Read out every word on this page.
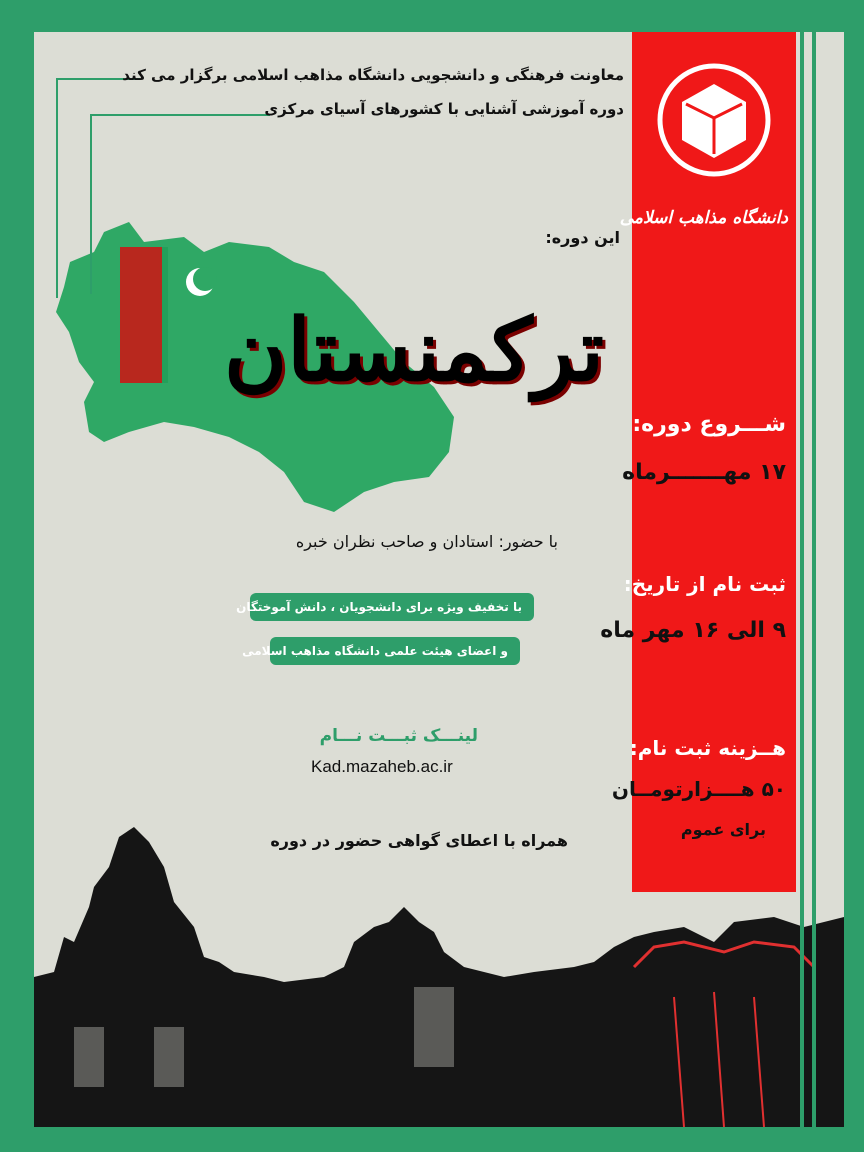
معاونت فرهنگی و دانشجویی دانشگاه مذاهب اسلامی برگزار می کند
دوره آموزشی آشنایی با کشورهای آسیای مرکزی
این دوره:
ترکمنستان
با حضور: استادان و صاحب نظران خبره
با تخفیف ویژه برای دانشجویان ، دانش آموختگان
و اعضای هیئت علمی دانشگاه مذاهب اسلامی
لینـــک ثبـــت نـــام
Kad.mazaheb.ac.ir
همراه با اعطای گواهی حضور در دوره
دانشگاه مذاهب اسلامی
شـــروع دوره:
۱۷ مهـــــــرماه
ثبت نام از تاریخ:
۹ الی ۱۶ مهر ماه
هــزینه ثبت نام:
۵۰ هــــزارتومــان
برای عموم
